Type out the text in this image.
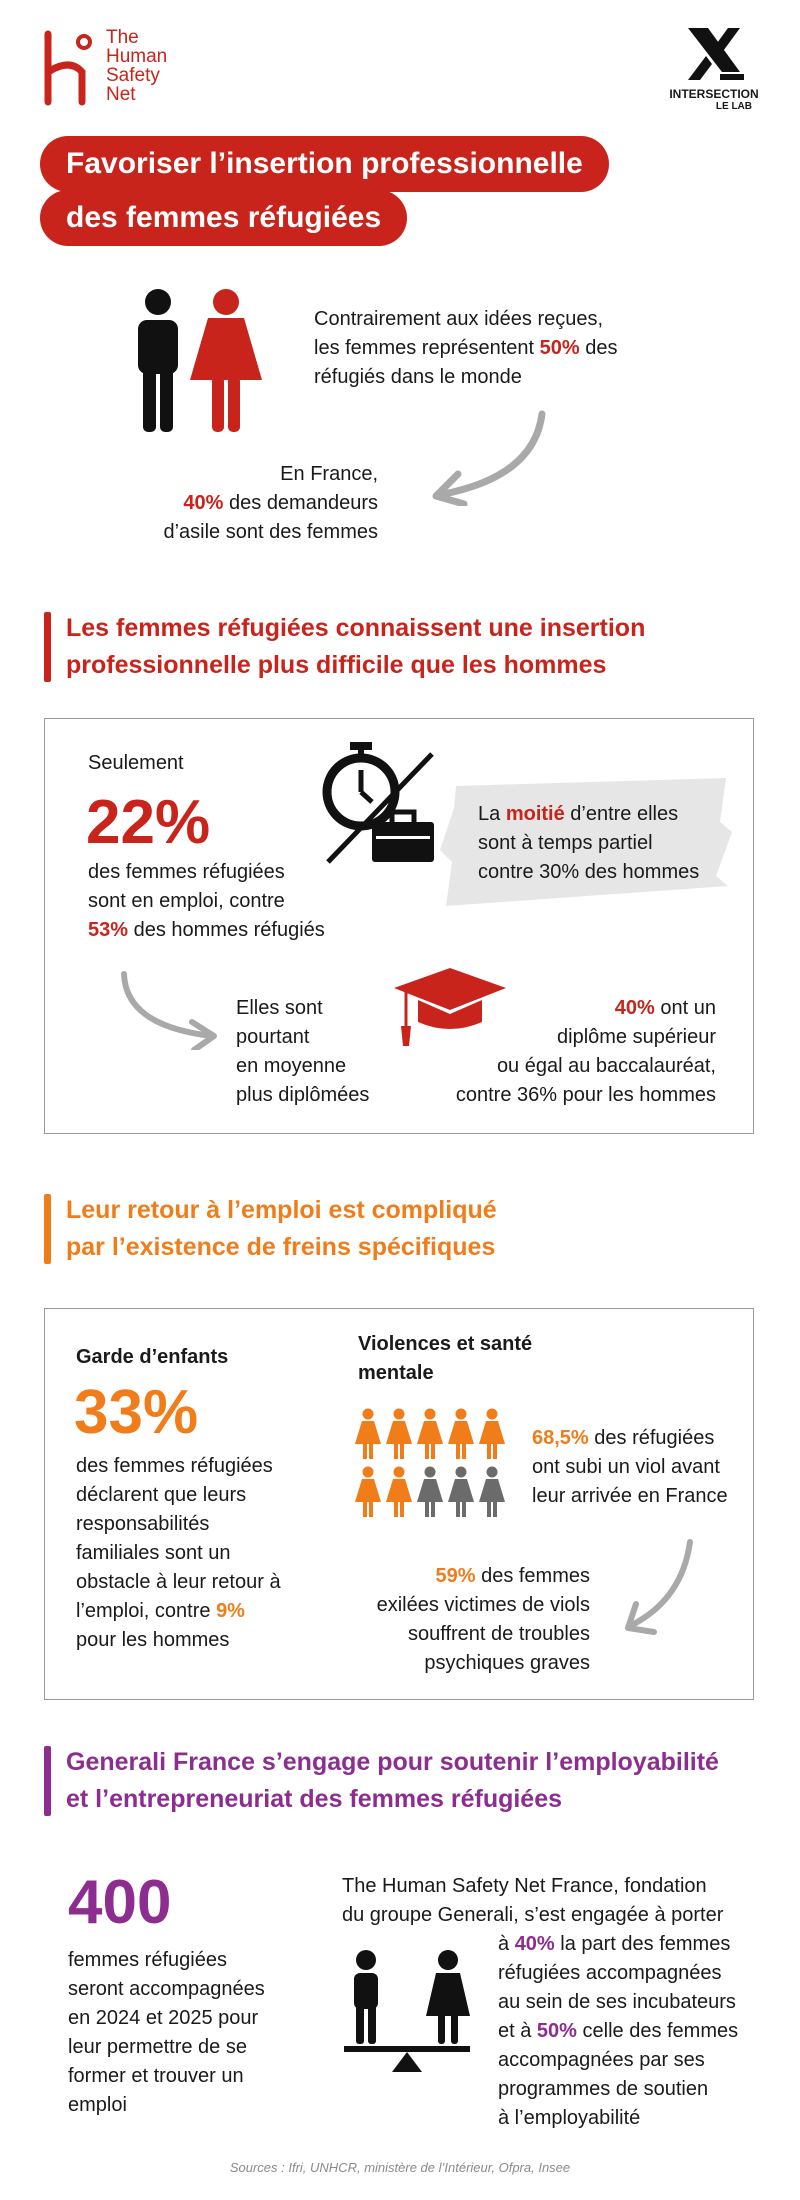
The
Human
Safety
Net	INTERSECTION
LE LAB
Favoriser l’insertion professionnelle
des femmes réfugiées
Contrairement aux idées reçues,
les femmes représentent 50% des
réfugiés dans le monde
En France,
40% des demandeurs
d’asile sont des femmes
Les femmes réfugiées connaissent une insertion
professionnelle plus difficile que les hommes
Seulement
22%
des femmes réfugiées
sont en emploi, contre
53% des hommes réfugiés
La moitié d’entre elles
sont à temps partiel
contre 30% des hommes
Elles sont
pourtant
en moyenne
plus diplômées
40% ont un
diplôme supérieur
ou égal au baccalauréat,
contre 36% pour les hommes
Leur retour à l’emploi est compliqué
par l’existence de freins spécifiques
Garde d’enfants
33%
des femmes réfugiées
déclarent que leurs
responsabilités
familiales sont un
obstacle à leur retour à
l’emploi, contre 9%
pour les hommes
Violences et santé
mentale
68,5% des réfugiées
ont subi un viol avant
leur arrivée en France
59% des femmes
exilées victimes de viols
souffrent de troubles
psychiques graves
Generali France s’engage pour soutenir l’employabilité
et l’entrepreneuriat des femmes réfugiées
400
femmes réfugiées
seront accompagnées
en 2024 et 2025 pour
leur permettre de se
former et trouver un
emploi
The Human Safety Net France, fondation
du groupe Generali, s’est engagée à porter
à 40% la part des femmes
réfugiées accompagnées
au sein de ses incubateurs
et à 50% celle des femmes
accompagnées par ses
programmes de soutien
à l’employabilité
Sources : Ifri, UNHCR, ministère de l’Intérieur, Ofpra, Insee
